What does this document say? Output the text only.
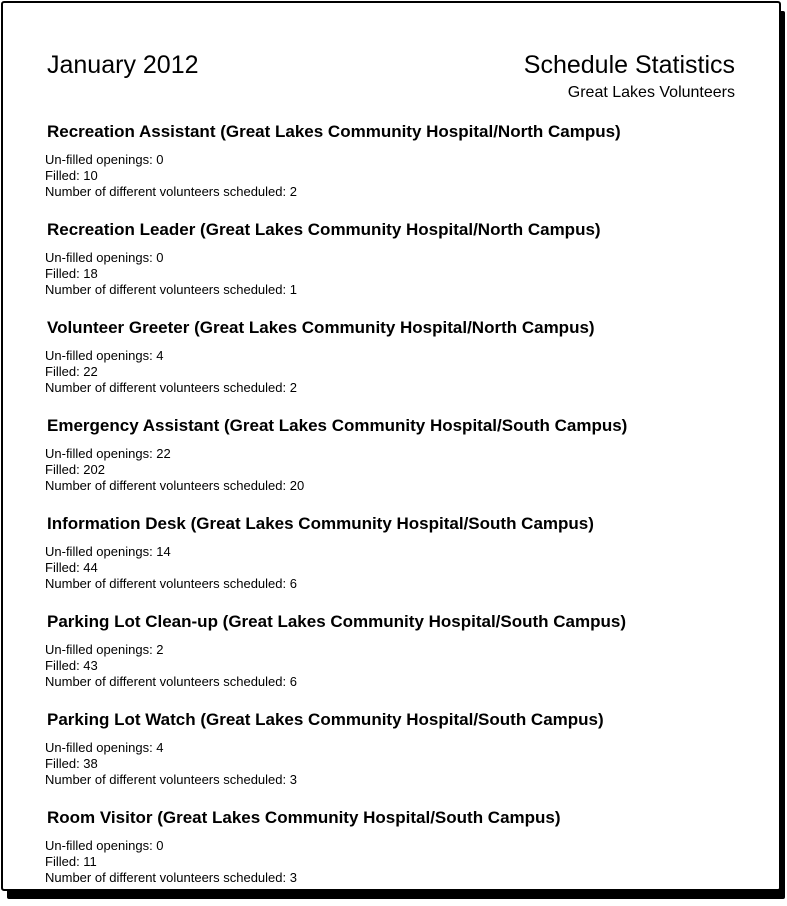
January 2012	Schedule Statistics
Great Lakes Volunteers
Recreation Assistant (Great Lakes Community Hospital/North Campus)
Un-filled openings: 0
Filled: 10
Number of different volunteers scheduled: 2
Recreation Leader (Great Lakes Community Hospital/North Campus)
Un-filled openings: 0
Filled: 18
Number of different volunteers scheduled: 1
Volunteer Greeter (Great Lakes Community Hospital/North Campus)
Un-filled openings: 4
Filled: 22
Number of different volunteers scheduled: 2
Emergency Assistant (Great Lakes Community Hospital/South Campus)
Un-filled openings: 22
Filled: 202
Number of different volunteers scheduled: 20
Information Desk (Great Lakes Community Hospital/South Campus)
Un-filled openings: 14
Filled: 44
Number of different volunteers scheduled: 6
Parking Lot Clean-up (Great Lakes Community Hospital/South Campus)
Un-filled openings: 2
Filled: 43
Number of different volunteers scheduled: 6
Parking Lot Watch (Great Lakes Community Hospital/South Campus)
Un-filled openings: 4
Filled: 38
Number of different volunteers scheduled: 3
Room Visitor (Great Lakes Community Hospital/South Campus)
Un-filled openings: 0
Filled: 11
Number of different volunteers scheduled: 3
